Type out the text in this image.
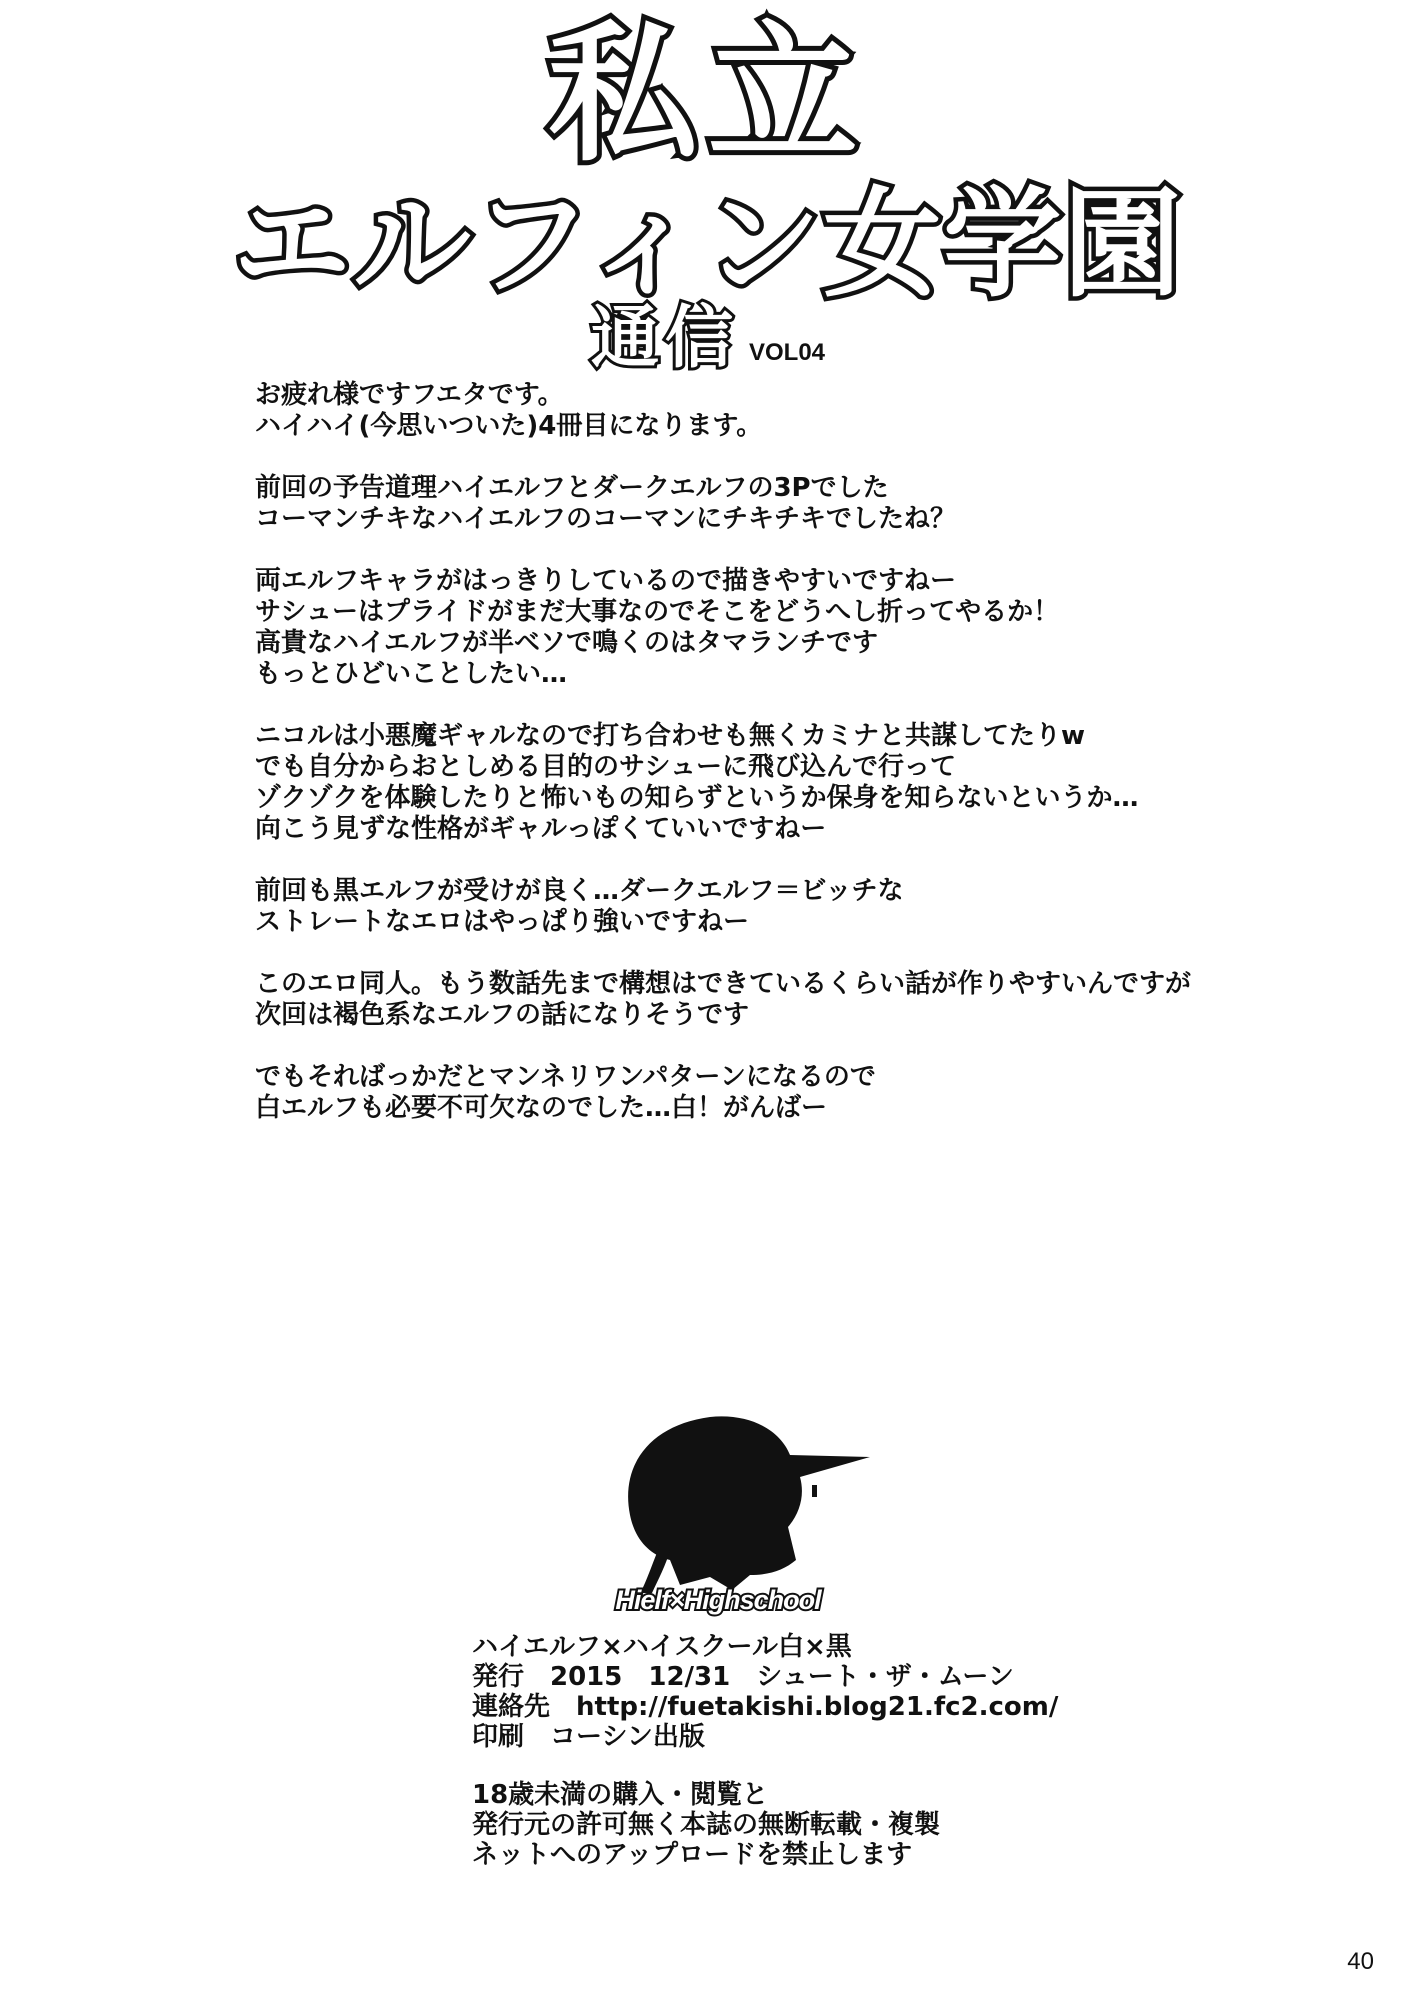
私立
エルフィン女学園
通信 VOL04
お疲れ様ですフエタです。
ハイハイ(今思いついた)4冊目になります。
前回の予告道理ハイエルフとダークエルフの3Pでした
コーマンチキなハイエルフのコーマンにチキチキでしたね？
両エルフキャラがはっきりしているので描きやすいですねー
サシューはプライドがまだ大事なのでそこをどうへし折ってやるか！
高貴なハイエルフが半ベソで鳴くのはタマランチです
もっとひどいことしたい…
ニコルは小悪魔ギャルなので打ち合わせも無くカミナと共謀してたりw
でも自分からおとしめる目的のサシューに飛び込んで行って
ゾクゾクを体験したりと怖いもの知らずというか保身を知らないというか…
向こう見ずな性格がギャルっぽくていいですねー
前回も黒エルフが受けが良く…ダークエルフ＝ビッチな
ストレートなエロはやっぱり強いですねー
このエロ同人。もう数話先まで構想はできているくらい話が作りやすいんですが
次回は褐色系なエルフの話になりそうです
でもそればっかだとマンネリワンパターンになるので
白エルフも必要不可欠なのでした…白！がんばー
Hielf×Highschool
ハイエルフ×ハイスクール白×黒
発行　2015　12/31　シュート・ザ・ムーン
連絡先　http://fuetakishi.blog21.fc2.com/
印刷　コーシン出版
18歳未満の購入・閲覧と
発行元の許可無く本誌の無断転載・複製
ネットへのアップロードを禁止します
40
